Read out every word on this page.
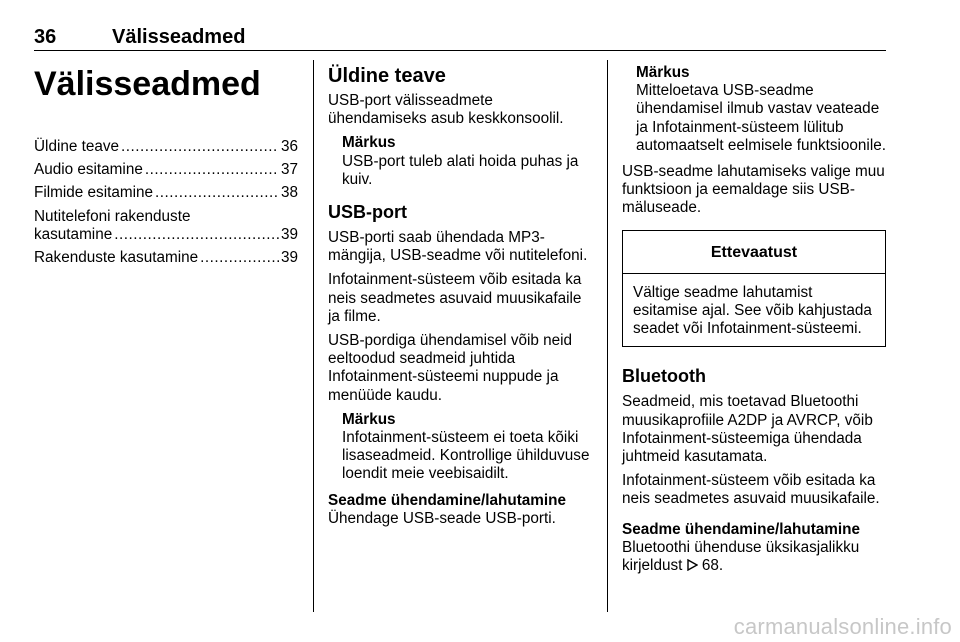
36	Välisseadmed
Välisseadmed
Üldine teave .....	36
Audio esitamine .....	37
Filmide esitamine .....	38
Nutitelefoni rakenduste
kasutamine .....	39
Rakenduste kasutamine .....	39
Üldine teave
USB-port välisseadmete ühendamiseks asub keskkonsoolil.
Märkus
USB-port tuleb alati hoida puhas ja kuiv.
USB-port
USB-porti saab ühendada MP3-mängija, USB-seadme või nutitelefoni.
Infotainment-süsteem võib esitada ka neis seadmetes asuvaid muusikafaile ja filme.
USB-pordiga ühendamisel võib neid eeltoodud seadmeid juhtida Infotainment-süsteemi nuppude ja menüüde kaudu.
Märkus
Infotainment-süsteem ei toeta kõiki lisaseadmeid. Kontrollige ühilduvuse loendit meie veebisaidilt.
Seadme ühendamine/lahutamine
Ühendage USB-seade USB-porti.
Märkus
Mitteloetava USB-seadme ühendamisel ilmub vastav veateade ja Infotainment-süsteem lülitub automaatselt eelmisele funktsioonile.
USB-seadme lahutamiseks valige muu funktsioon ja eemaldage siis USB-mäluseade.
Ettevaatust
Vältige seadme lahutamist esitamise ajal. See võib kahjustada seadet või Infotainment-süsteemi.
Bluetooth
Seadmeid, mis toetavad Bluetoothi muusikaprofiile A2DP ja AVRCP, võib Infotainment-süsteemiga ühendada juhtmeid kasutamata.
Infotainment-süsteem võib esitada ka neis seadmetes asuvaid muusikafaile.
Seadme ühendamine/lahutamine
Bluetoothi ühenduse üksikasjalikku kirjeldust 68.
carmanualsonline.info
